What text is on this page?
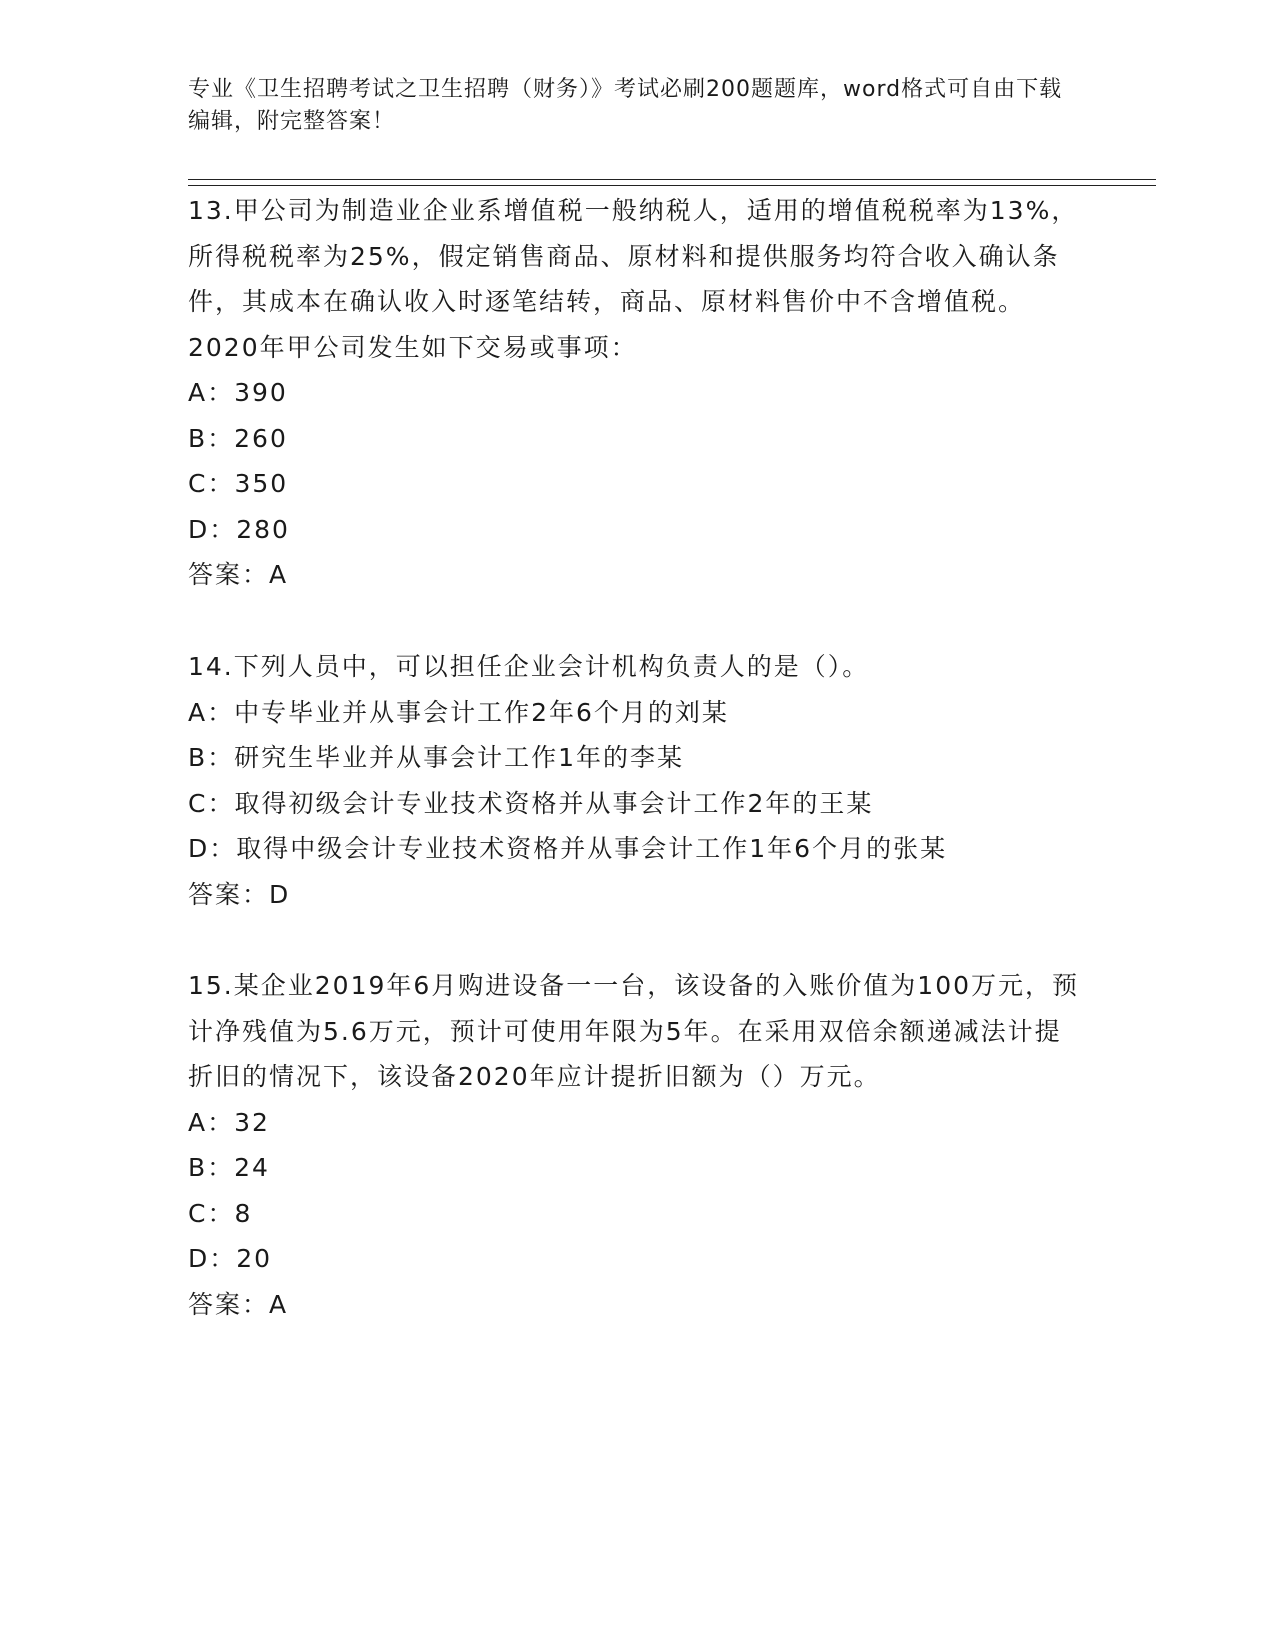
专业《卫生招聘考试之卫生招聘（财务）》考试必刷200题题库，word格式可自由下载编辑，附完整答案！

13.甲公司为制造业企业系增值税一般纳税人，适用的增值税税率为13%，所得税税率为25%，假定销售商品、原材料和提供服务均符合收入确认条件，其成本在确认收入时逐笔结转，商品、原材料售价中不含增值税。2020年甲公司发生如下交易或事项：

A：390

B：260

C：350

D：280

答案：A

14.下列人员中，可以担任企业会计机构负责人的是（）。

A：中专毕业并从事会计工作2年6个月的刘某

B：研究生毕业并从事会计工作1年的李某

C：取得初级会计专业技术资格并从事会计工作2年的王某

D：取得中级会计专业技术资格并从事会计工作1年6个月的张某

答案：D

15.某企业2019年6月购进设备一一台，该设备的入账价值为100万元，预计净残值为5.6万元，预计可使用年限为5年。在采用双倍余额递减法计提折旧的情况下，该设备2020年应计提折旧额为（）万元。

A：32

B：24

C：8

D：20

答案：A
